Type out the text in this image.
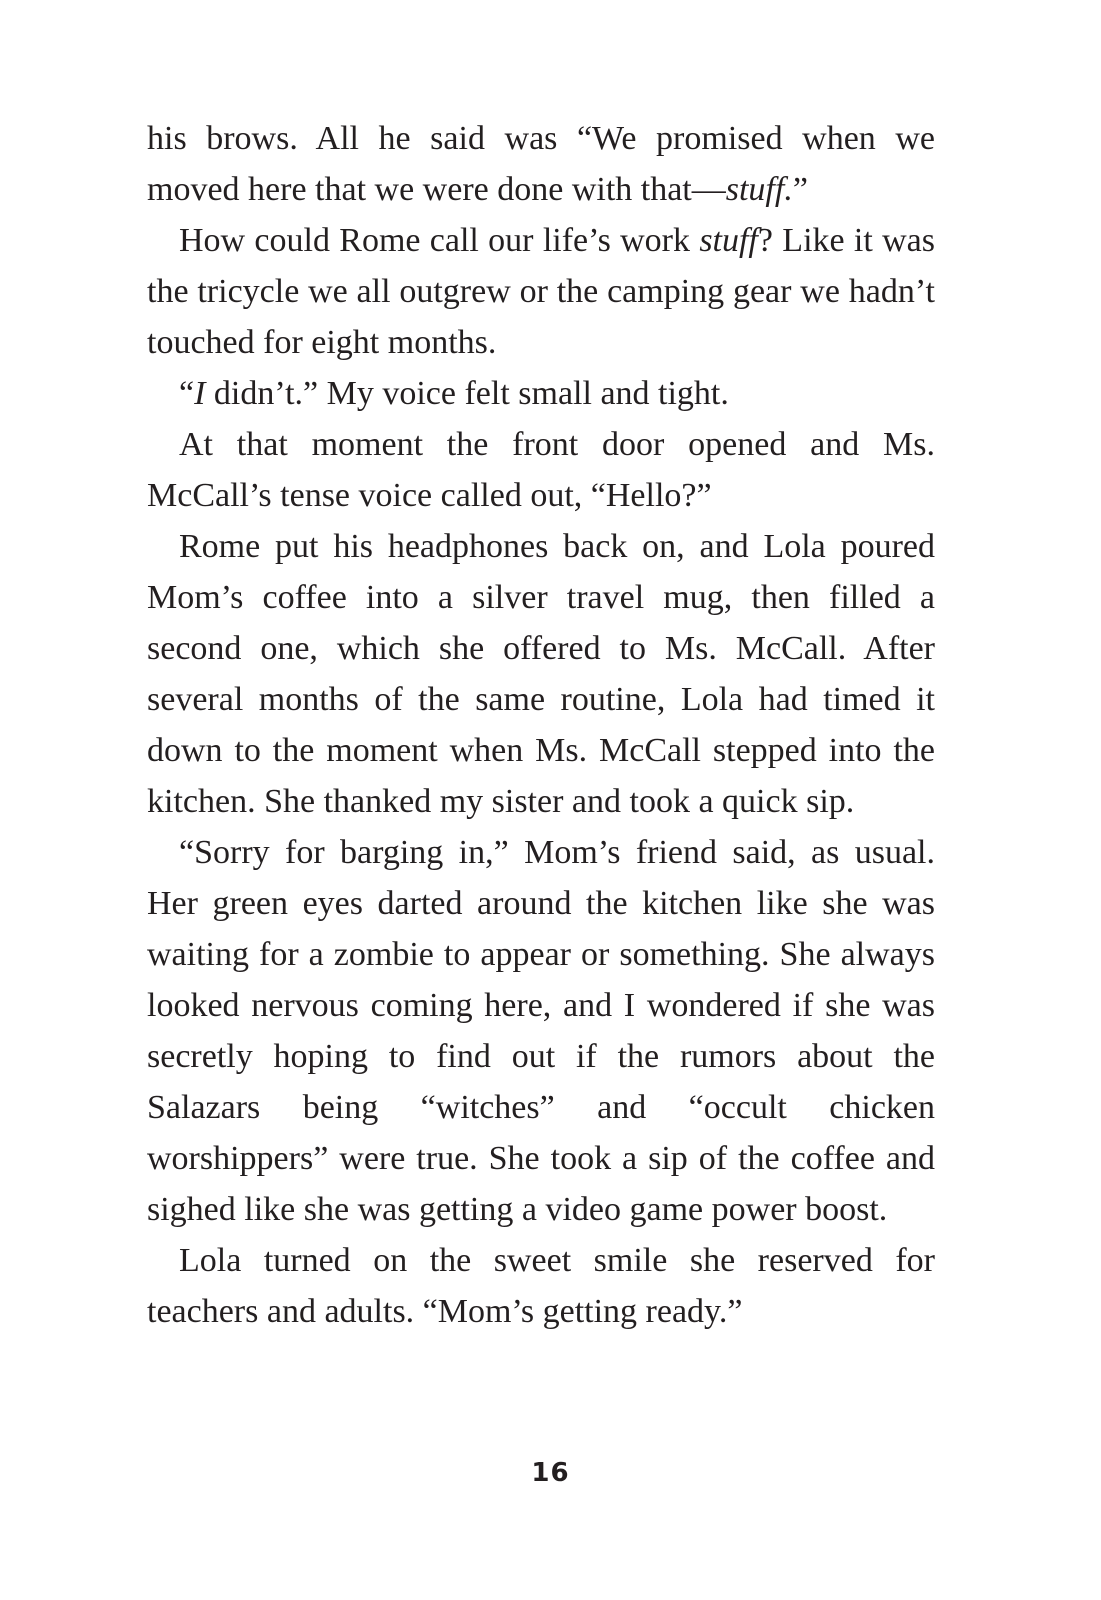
his brows. All he said was “We promised when we moved here that we were done with that—stuff.”

How could Rome call our life’s work stuff? Like it was the tricycle we all outgrew or the camping gear we hadn’t touched for eight months.

“I didn’t.” My voice felt small and tight.

At that moment the front door opened and Ms. McCall’s tense voice called out, “Hello?”

Rome put his headphones back on, and Lola poured Mom’s coffee into a silver travel mug, then filled a second one, which she offered to Ms. McCall. After several months of the same routine, Lola had timed it down to the moment when Ms. McCall stepped into the kitchen. She thanked my sister and took a quick sip.

“Sorry for barging in,” Mom’s friend said, as usual. Her green eyes darted around the kitchen like she was waiting for a zombie to appear or something. She always looked nervous coming here, and I wondered if she was secretly hoping to find out if the rumors about the Salazars being “witches” and “occult chicken worshippers” were true. She took a sip of the coffee and sighed like she was getting a video game power boost.

Lola turned on the sweet smile she reserved for teachers and adults. “Mom’s getting ready.”

16
